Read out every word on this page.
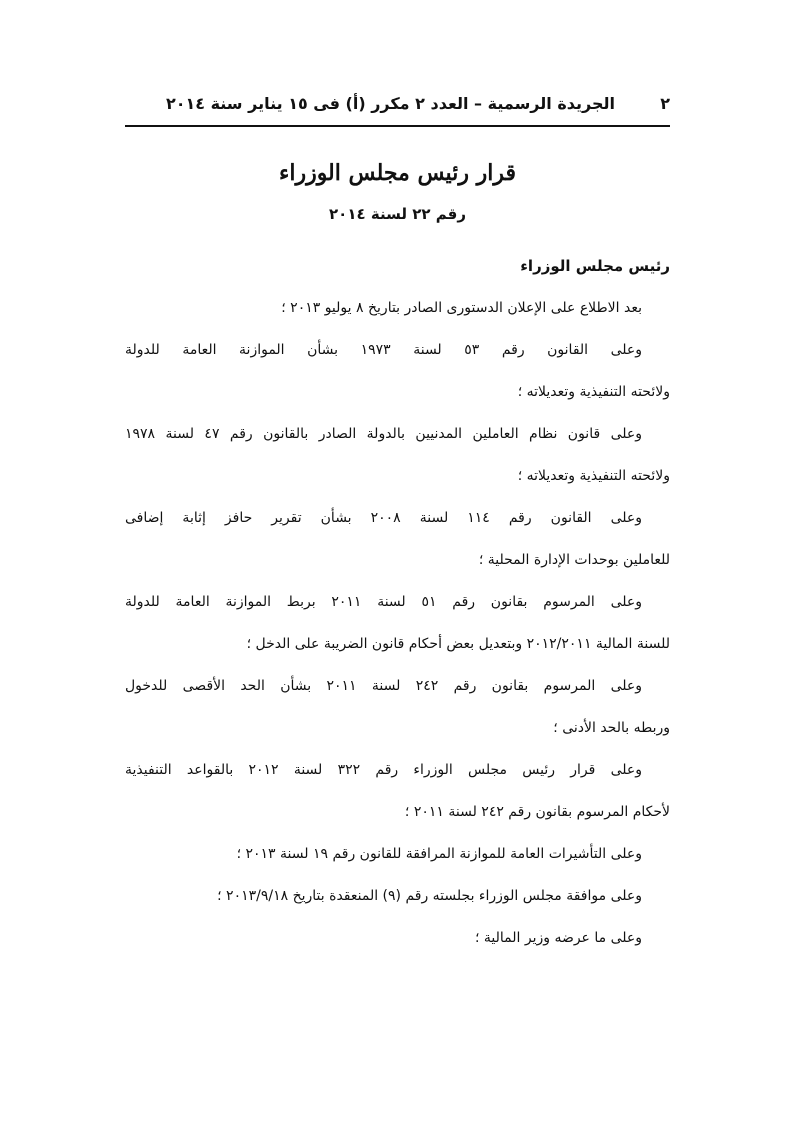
٢
الجريدة الرسمية – العدد ٢ مكرر (أ) فى ١٥ يناير سنة ٢٠١٤
قرار رئيس مجلس الوزراء
رقم ٢٢ لسنة ٢٠١٤
رئيس مجلس الوزراء
بعد الاطلاع على الإعلان الدستورى الصادر بتاريخ ٨ يوليو ٢٠١٣ ؛
وعلى القانون رقم ٥٣ لسنة ١٩٧٣ بشأن الموازنة العامة للدولة
ولائحته التنفيذية وتعديلاته ؛
وعلى قانون نظام العاملين المدنيين بالدولة الصادر بالقانون رقم ٤٧ لسنة ١٩٧٨
ولائحته التنفيذية وتعديلاته ؛
وعلى القانون رقم ١١٤ لسنة ٢٠٠٨ بشأن تقرير حافز إثابة إضافى
للعاملين بوحدات الإدارة المحلية ؛
وعلى المرسوم بقانون رقم ٥١ لسنة ٢٠١١ بربط الموازنة العامة للدولة
للسنة المالية ٢٠١٢/٢٠١١ وبتعديل بعض أحكام قانون الضريبة على الدخل ؛
وعلى المرسوم بقانون رقم ٢٤٢ لسنة ٢٠١١ بشأن الحد الأقصى للدخول
وربطه بالحد الأدنى ؛
وعلى قرار رئيس مجلس الوزراء رقم ٣٢٢ لسنة ٢٠١٢ بالقواعد التنفيذية
لأحكام المرسوم بقانون رقم ٢٤٢ لسنة ٢٠١١ ؛
وعلى التأشيرات العامة للموازنة المرافقة للقانون رقم ١٩ لسنة ٢٠١٣ ؛
وعلى موافقة مجلس الوزراء بجلسته رقم (٩) المنعقدة بتاريخ ٢٠١٣/٩/١٨ ؛
وعلى ما عرضه وزير المالية ؛
